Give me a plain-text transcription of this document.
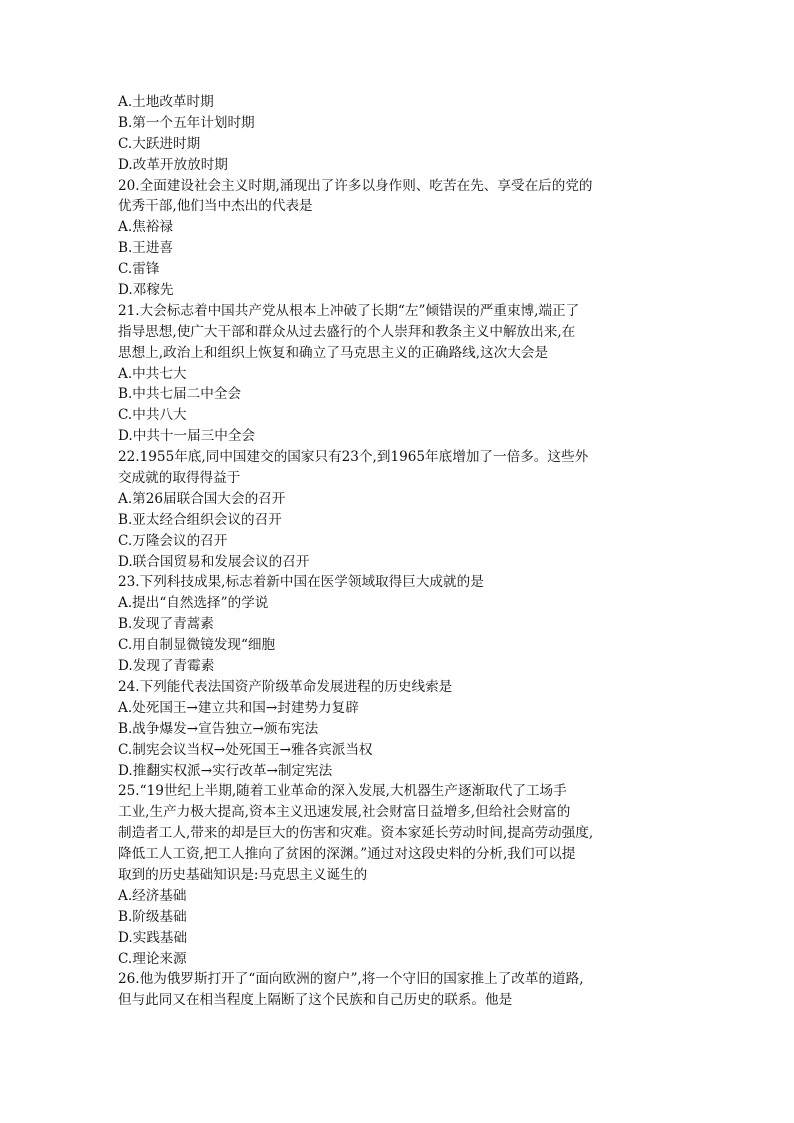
A.土地改革时期
B.第一个五年计划时期
C.大跃进时期
D.改革开放放时期
20.全面建设社会主义时期,涌现出了许多以身作则、吃苦在先、享受在后的党的
优秀干部,他们当中杰出的代表是
A.焦裕禄
B.王进喜
C.雷锋
D.邓稼先
21.大会标志着中国共产党从根本上冲破了长期“左”倾错误的严重束博,端正了
指导思想,使广大干部和群众从过去盛行的个人崇拜和教条主义中解放出来,在
思想上,政治上和组织上恢复和确立了马克思主义的正确路线,这次大会是
A.中共七大
B.中共七届二中全会
C.中共八大
D.中共十一届三中全会
22.1955年底,同中国建交的国家只有23个,到1965年底增加了一倍多。这些外
交成就的取得得益于
A.第26届联合国大会的召开
B.亚太经合组织会议的召开
C.万隆会议的召开
D.联合国贸易和发展会议的召开
23.下列科技成果,标志着新中国在医学领域取得巨大成就的是
A.提出“自然选择”的学说
B.发现了青蒿素
C.用自制显微镜发现“细胞
D.发现了青霉素
24.下列能代表法国资产阶级革命发展进程的历史线索是
A.处死国王→建立共和国→封建势力复辟
B.战争爆发→宣告独立→颁布宪法
C.制宪会议当权→处死国王→雅各宾派当权
D.推翻实权派→实行改革→制定宪法
25.“19世纪上半期,随着工业革命的深入发展,大机器生产逐渐取代了工场手
工业,生产力极大提高,资本主义迅速发展,社会财富日益增多,但给社会财富的
制造者工人,带来的却是巨大的伤害和灾难。资本家延长劳动时间,提高劳动强度,
降低工人工资,把工人推向了贫困的深渊。”通过对这段史料的分析,我们可以提
取到的历史基础知识是:马克思主义诞生的
A.经济基础
B.阶级基础
D.实践基础
C.理论来源
26.他为俄罗斯打开了“面向欧洲的窗户”,将一个守旧的国家推上了改革的道路,
但与此同又在相当程度上隔断了这个民族和自己历史的联系。他是
